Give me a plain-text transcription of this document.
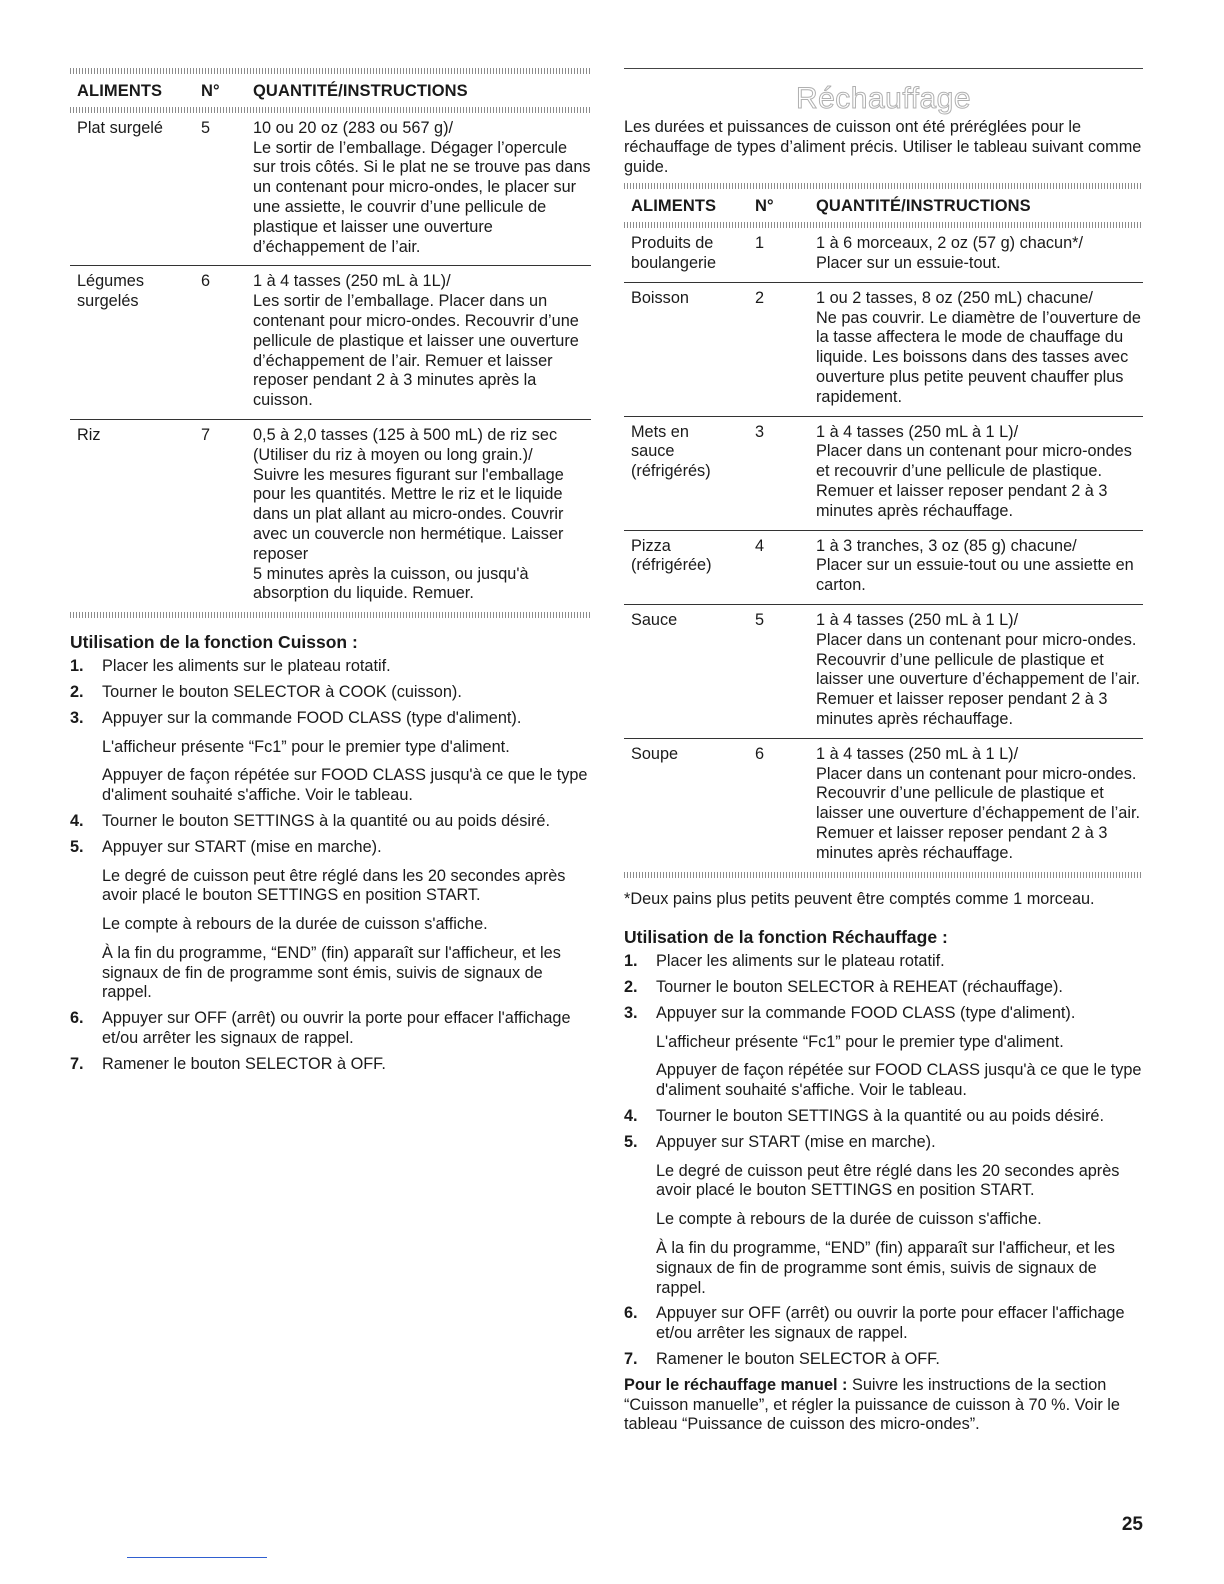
ALIMENTS	N°	QUANTITÉ/INSTRUCTIONS
Plat surgelé	5	10 ou 20 oz (283 ou 567 g)/
Le sortir de l’emballage. Dégager l’opercule sur trois côtés. Si le plat ne se trouve pas dans un contenant pour micro-ondes, le placer sur une assiette, le couvrir d’une pellicule de plastique et laisser une ouverture d’échappement de l’air.
Légumes
surgelés
6	1 à 4 tasses (250 mL à 1L)/
Les sortir de l’emballage. Placer dans un contenant pour micro-ondes. Recouvrir d’une pellicule de plastique et laisser une ouverture d’échappement de l’air. Remuer et laisser reposer pendant 2 à 3 minutes après la cuisson.
Riz	7	0,5 à 2,0 tasses (125 à 500 mL) de riz sec (Utiliser du riz à moyen ou long grain.)/
Suivre les mesures figurant sur l'emballage pour les quantités. Mettre le riz et le liquide dans un plat allant au micro-ondes. Couvrir avec un couvercle non hermétique. Laisser reposer
5 minutes après la cuisson, ou jusqu'à absorption du liquide. Remuer.
Utilisation de la fonction Cuisson :
1.	Placer les aliments sur le plateau rotatif.

2.	Tourner le bouton SELECTOR à COOK (cuisson).

3.	Appuyer sur la commande FOOD CLASS (type d'aliment).

L'afficheur présente “Fc1” pour le premier type d'aliment.

Appuyer de façon répétée sur FOOD CLASS jusqu'à ce que le type d'aliment souhaité s'affiche. Voir le tableau.

4.	Tourner le bouton SETTINGS à la quantité ou au poids désiré.

5.	Appuyer sur START (mise en marche).

Le degré de cuisson peut être réglé dans les 20 secondes après avoir placé le bouton SETTINGS en position START.

Le compte à rebours de la durée de cuisson s'affiche.

À la fin du programme, “END” (fin) apparaît sur l'afficheur, et les signaux de fin de programme sont émis, suivis de signaux de rappel.

6.	Appuyer sur OFF (arrêt) ou ouvrir la porte pour effacer l'affichage et/ou arrêter les signaux de rappel.

7.	Ramener le bouton SELECTOR à OFF.

Réchauffage

Les durées et puissances de cuisson ont été préréglées pour le réchauffage de types d’aliment précis. Utiliser le tableau suivant comme guide.

ALIMENTS	N°	QUANTITÉ/INSTRUCTIONS
Produits de
boulangerie
1	1 à 6 morceaux, 2 oz (57 g) chacun*/
Placer sur un essuie-tout.
Boisson	2	1 ou 2 tasses, 8 oz (250 mL) chacune/
Ne pas couvrir. Le diamètre de l’ouverture de la tasse affectera le mode de chauffage du liquide. Les boissons dans des tasses avec ouverture plus petite peuvent chauffer plus rapidement.
Mets en
sauce
(réfrigérés)
3	1 à 4 tasses (250 mL à 1 L)/
Placer dans un contenant pour micro-ondes et recouvrir d’une pellicule de plastique. Remuer et laisser reposer pendant 2 à 3 minutes après réchauffage.
Pizza
(réfrigérée)
4	1 à 3 tranches, 3 oz (85 g) chacune/
Placer sur un essuie-tout ou une assiette en carton.
Sauce	5	1 à 4 tasses (250 mL à 1 L)/
Placer dans un contenant pour micro-ondes. Recouvrir d’une pellicule de plastique et laisser une ouverture d’échappement de l’air. Remuer et laisser reposer pendant 2 à 3 minutes après réchauffage.
Soupe	6	1 à 4 tasses (250 mL à 1 L)/
Placer dans un contenant pour micro-ondes. Recouvrir d’une pellicule de plastique et laisser une ouverture d’échappement de l’air. Remuer et laisser reposer pendant 2 à 3 minutes après réchauffage.

*Deux pains plus petits peuvent être comptés comme 1 morceau.

Utilisation de la fonction Réchauffage :
1.	Placer les aliments sur le plateau rotatif.

2.	Tourner le bouton SELECTOR à REHEAT (réchauffage).

3.	Appuyer sur la commande FOOD CLASS (type d'aliment).

L'afficheur présente “Fc1” pour le premier type d'aliment.

Appuyer de façon répétée sur FOOD CLASS jusqu'à ce que le type d'aliment souhaité s'affiche. Voir le tableau.

4.	Tourner le bouton SETTINGS à la quantité ou au poids désiré.

5.	Appuyer sur START (mise en marche).

Le degré de cuisson peut être réglé dans les 20 secondes après avoir placé le bouton SETTINGS en position START.

Le compte à rebours de la durée de cuisson s'affiche.

À la fin du programme, “END” (fin) apparaît sur l'afficheur, et les signaux de fin de programme sont émis, suivis de signaux de rappel.

6.	Appuyer sur OFF (arrêt) ou ouvrir la porte pour effacer l'affichage et/ou arrêter les signaux de rappel.

7.	Ramener le bouton SELECTOR à OFF.

Pour le réchauffage manuel : Suivre les instructions de la section “Cuisson manuelle”, et régler la puissance de cuisson à 70 %. Voir le tableau “Puissance de cuisson des micro-ondes”.

25
